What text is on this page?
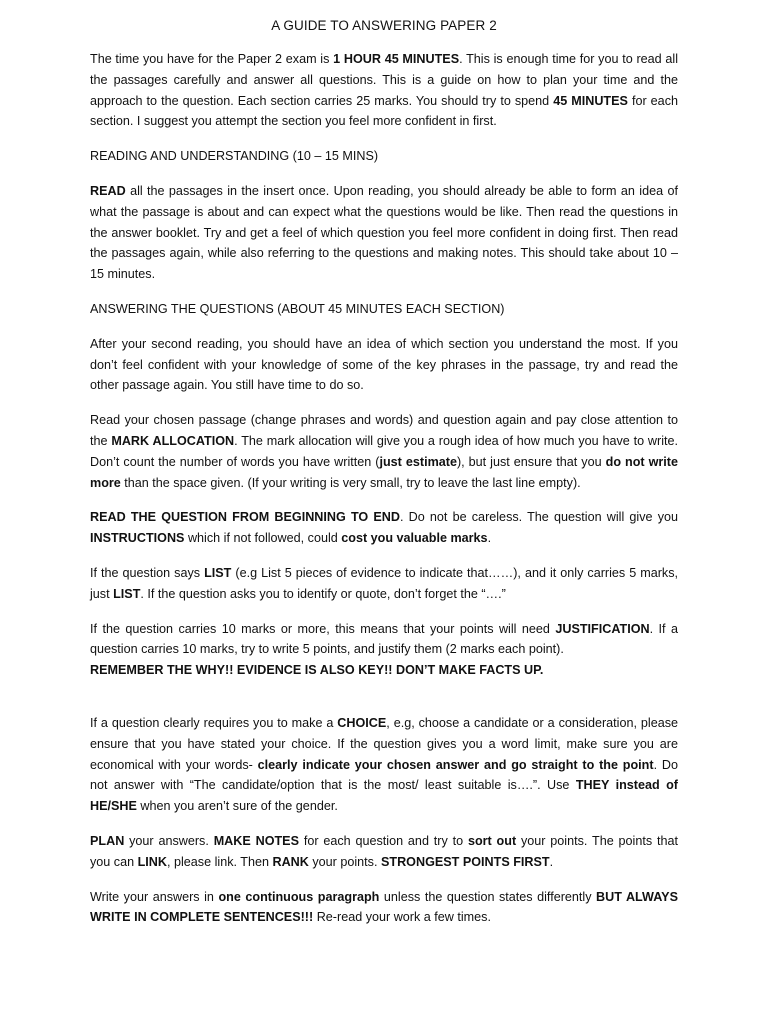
A GUIDE TO ANSWERING PAPER 2

The time you have for the Paper 2 exam is 1 HOUR 45 MINUTES. This is enough time for you to read all the passages carefully and answer all questions. This is a guide on how to plan your time and the approach to the question. Each section carries 25 marks. You should try to spend 45 MINUTES for each section. I suggest you attempt the section you feel more confident in first.

READING AND UNDERSTANDING (10 – 15 MINS)

READ all the passages in the insert once. Upon reading, you should already be able to form an idea of what the passage is about and can expect what the questions would be like. Then read the questions in the answer booklet. Try and get a feel of which question you feel more confident in doing first. Then read the passages again, while also referring to the questions and making notes. This should take about 10 – 15 minutes.

ANSWERING THE QUESTIONS (ABOUT 45 MINUTES EACH SECTION)

After your second reading, you should have an idea of which section you understand the most. If you don’t feel confident with your knowledge of some of the key phrases in the passage, try and read the other passage again. You still have time to do so.

Read your chosen passage (change phrases and words) and question again and pay close attention to the MARK ALLOCATION. The mark allocation will give you a rough idea of how much you have to write. Don’t count the number of words you have written (just estimate), but just ensure that you do not write more than the space given. (If your writing is very small, try to leave the last line empty).

READ THE QUESTION FROM BEGINNING TO END. Do not be careless. The question will give you INSTRUCTIONS which if not followed, could cost you valuable marks.

If the question says LIST (e.g List 5 pieces of evidence to indicate that……), and it only carries 5 marks, just LIST. If the question asks you to identify or quote, don’t forget the “….”

If the question carries 10 marks or more, this means that your points will need JUSTIFICATION. If a question carries 10 marks, try to write 5 points, and justify them (2 marks each point).

REMEMBER THE WHY!! EVIDENCE IS ALSO KEY!! DON’T MAKE FACTS UP.

If a question clearly requires you to make a CHOICE, e.g, choose a candidate or a consideration, please ensure that you have stated your choice. If the question gives you a word limit, make sure you are economical with your words- clearly indicate your chosen answer and go straight to the point. Do not answer with “The candidate/option that is the most/ least suitable is….”. Use THEY instead of HE/SHE when you aren’t sure of the gender.

PLAN your answers. MAKE NOTES for each question and try to sort out your points. The points that you can LINK, please link. Then RANK your points. STRONGEST POINTS FIRST.

Write your answers in one continuous paragraph unless the question states differently BUT ALWAYS WRITE IN COMPLETE SENTENCES!!! Re-read your work a few times.
